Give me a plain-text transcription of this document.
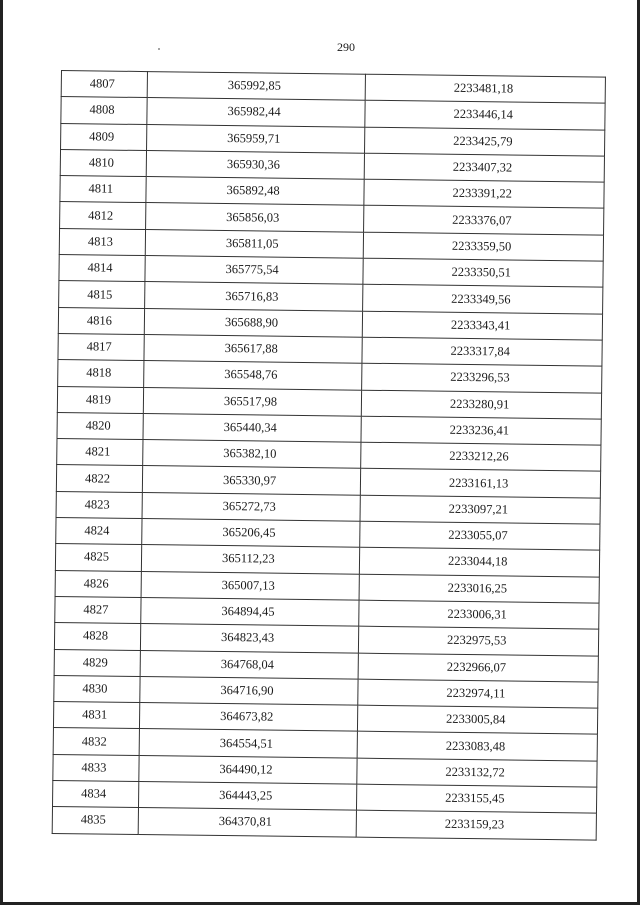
290
4807	365992,85	2233481,18
4808	365982,44	2233446,14
4809	365959,71	2233425,79
4810	365930,36	2233407,32
4811	365892,48	2233391,22
4812	365856,03	2233376,07
4813	365811,05	2233359,50
4814	365775,54	2233350,51
4815	365716,83	2233349,56
4816	365688,90	2233343,41
4817	365617,88	2233317,84
4818	365548,76	2233296,53
4819	365517,98	2233280,91
4820	365440,34	2233236,41
4821	365382,10	2233212,26
4822	365330,97	2233161,13
4823	365272,73	2233097,21
4824	365206,45	2233055,07
4825	365112,23	2233044,18
4826	365007,13	2233016,25
4827	364894,45	2233006,31
4828	364823,43	2232975,53
4829	364768,04	2232966,07
4830	364716,90	2232974,11
4831	364673,82	2233005,84
4832	364554,51	2233083,48
4833	364490,12	2233132,72
4834	364443,25	2233155,45
4835	364370,81	2233159,23
